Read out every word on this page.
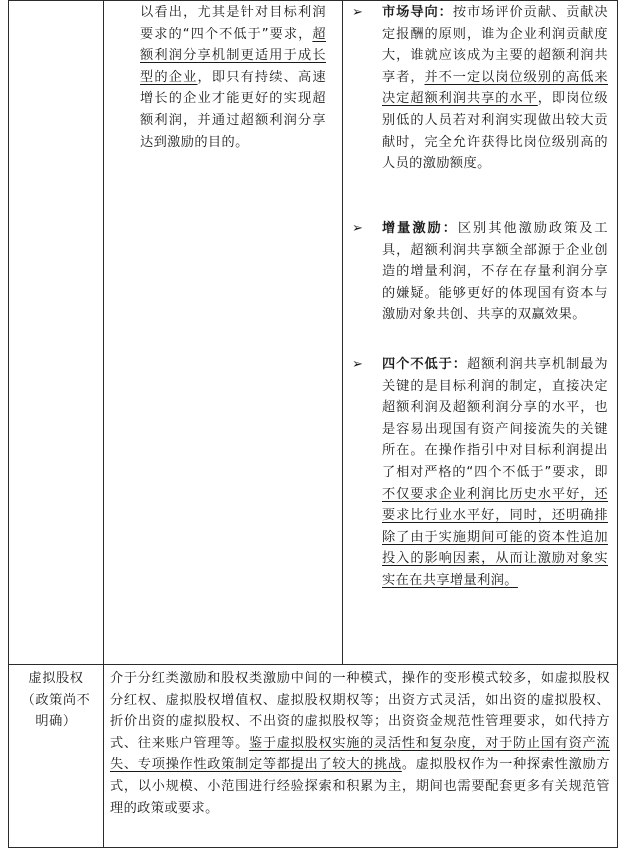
以看出，尤其是针对目标利润要求的“四个不低于”要求，超额利润分享机制更适用于成长型的企业，即只有持续、高速增长的企业才能更好的实现超额利润，并通过超额利润分享达到激励的目的。
➢ 市场导向：按市场评价贡献、贡献决定报酬的原则，谁为企业利润贡献度大，谁就应该成为主要的超额利润共享者，并不一定以岗位级别的高低来决定超额利润共享的水平，即岗位级别低的人员若对利润实现做出较大贡献时，完全允许获得比岗位级别高的人员的激励额度。
➢ 增量激励：区别其他激励政策及工具，超额利润共享额全部源于企业创造的增量利润，不存在存量利润分享的嫌疑。能够更好的体现国有资本与激励对象共创、共享的双赢效果。
➢ 四个不低于：超额利润共享机制最为关键的是目标利润的制定，直接决定超额利润及超额利润分享的水平，也是容易出现国有资产间接流失的关键所在。在操作指引中对目标利润提出了相对严格的“四个不低于”要求，即不仅要求企业利润比历史水平好，还要求比行业水平好，同时，还明确排除了由于实施期间可能的资本性追加投入的影响因素，从而让激励对象实实在在共享增量利润。
虚拟股权
（政策尚不
明确）
介于分红类激励和股权类激励中间的一种模式，操作的变形模式较多，如虚拟股权分红权、虚拟股权增值权、虚拟股权期权等；出资方式灵活，如出资的虚拟股权、折价出资的虚拟股权、不出资的虚拟股权等；出资资金规范性管理要求，如代持方式、往来账户管理等。鉴于虚拟股权实施的灵活性和复杂度，对于防止国有资产流失、专项操作性政策制定等都提出了较大的挑战。虚拟股权作为一种探索性激励方式，以小规模、小范围进行经验探索和积累为主，期间也需要配套更多有关规范管理的政策或要求。
